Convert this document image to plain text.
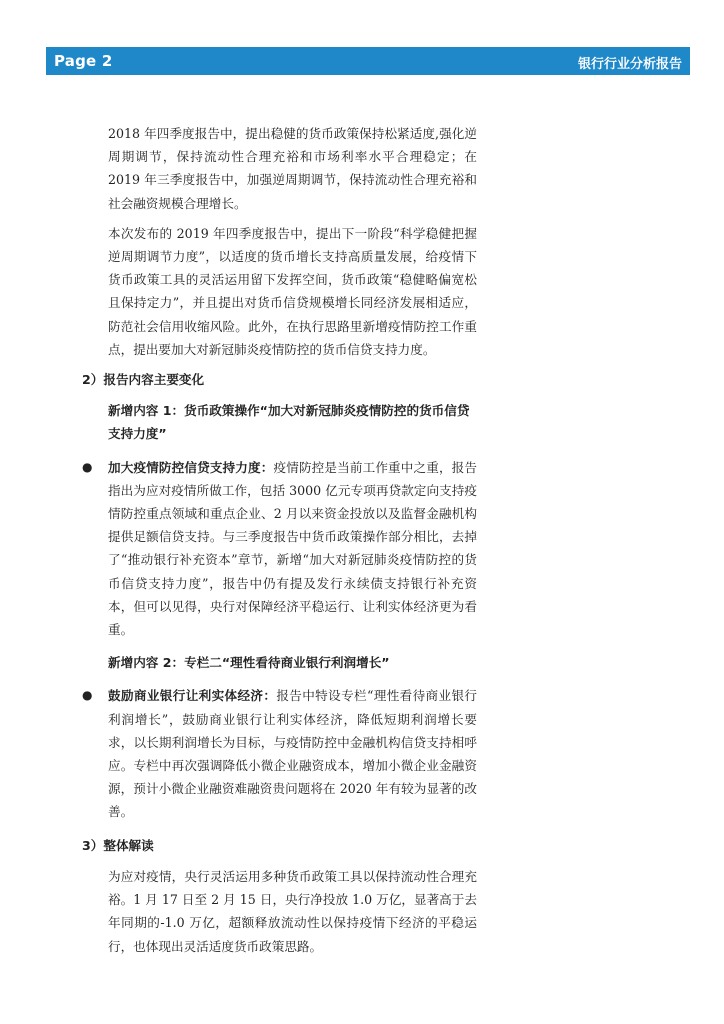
Page 2	银行行业分析报告
2018 年四季度报告中，提出稳健的货币政策保持松紧适度,强化逆周期调节，保持流动性合理充裕和市场利率水平合理稳定；在 2019 年三季度报告中，加强逆周期调节，保持流动性合理充裕和社会融资规模合理增长。
本次发布的 2019 年四季度报告中，提出下一阶段“科学稳健把握逆周期调节力度”，以适度的货币增长支持高质量发展，给疫情下货币政策工具的灵活运用留下发挥空间，货币政策“稳健略偏宽松且保持定力”，并且提出对货币信贷规模增长同经济发展相适应，防范社会信用收缩风险。此外，在执行思路里新增疫情防控工作重点，提出要加大对新冠肺炎疫情防控的货币信贷支持力度。
2）报告内容主要变化
新增内容 1：货币政策操作“加大对新冠肺炎疫情防控的货币信贷支持力度”
● 加大疫情防控信贷支持力度：疫情防控是当前工作重中之重，报告指出为应对疫情所做工作，包括 3000 亿元专项再贷款定向支持疫情防控重点领域和重点企业、2 月以来资金投放以及监督金融机构提供足额信贷支持。与三季度报告中货币政策操作部分相比，去掉了“推动银行补充资本”章节，新增“加大对新冠肺炎疫情防控的货币信贷支持力度”，报告中仍有提及发行永续债支持银行补充资本，但可以见得，央行对保障经济平稳运行、让利实体经济更为看重。
新增内容 2：专栏二“理性看待商业银行利润增长”
● 鼓励商业银行让利实体经济：报告中特设专栏“理性看待商业银行利润增长”，鼓励商业银行让利实体经济，降低短期利润增长要求，以长期利润增长为目标，与疫情防控中金融机构信贷支持相呼应。专栏中再次强调降低小微企业融资成本，增加小微企业金融资源，预计小微企业融资难融资贵问题将在 2020 年有较为显著的改善。
3）整体解读
为应对疫情，央行灵活运用多种货币政策工具以保持流动性合理充裕。1 月 17 日至 2 月 15 日，央行净投放 1.0 万亿，显著高于去年同期的-1.0 万亿，超额释放流动性以保持疫情下经济的平稳运行，也体现出灵活适度货币政策思路。
